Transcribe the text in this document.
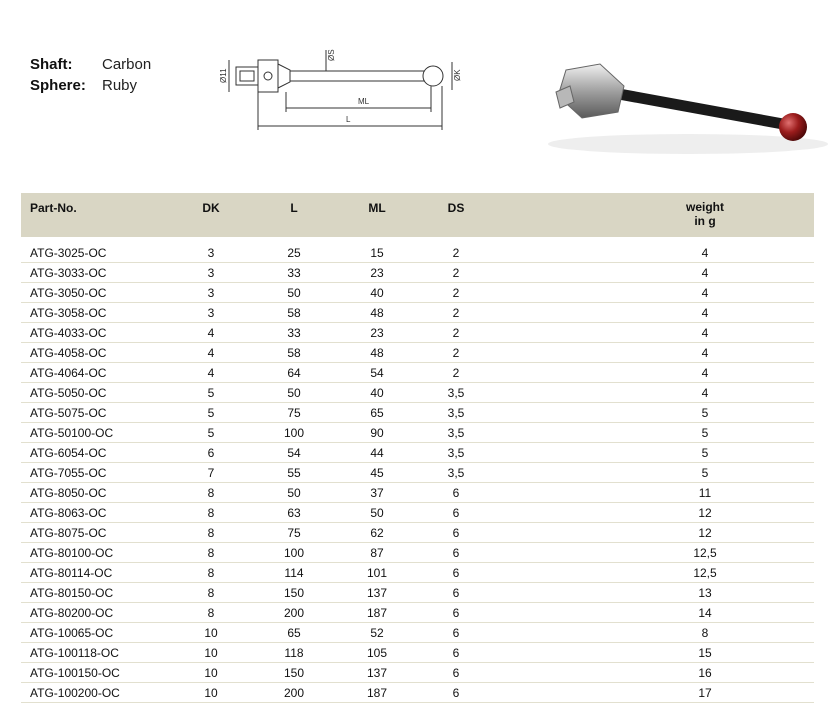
Shaft:	Carbon
Sphere:	Ruby
Ø11
ØS
ØK
ML
L
Part-No.	DK	L	ML	DS	weight
in g
ATG-3025-OC	3	25	15	2	4
ATG-3033-OC	3	33	23	2	4
ATG-3050-OC	3	50	40	2	4
ATG-3058-OC	3	58	48	2	4
ATG-4033-OC	4	33	23	2	4
ATG-4058-OC	4	58	48	2	4
ATG-4064-OC	4	64	54	2	4
ATG-5050-OC	5	50	40	3,5	4
ATG-5075-OC	5	75	65	3,5	5
ATG-50100-OC	5	100	90	3,5	5
ATG-6054-OC	6	54	44	3,5	5
ATG-7055-OC	7	55	45	3,5	5
ATG-8050-OC	8	50	37	6	11
ATG-8063-OC	8	63	50	6	12
ATG-8075-OC	8	75	62	6	12
ATG-80100-OC	8	100	87	6	12,5
ATG-80114-OC	8	114	101	6	12,5
ATG-80150-OC	8	150	137	6	13
ATG-80200-OC	8	200	187	6	14
ATG-10065-OC	10	65	52	6	8
ATG-100118-OC	10	118	105	6	15
ATG-100150-OC	10	150	137	6	16
ATG-100200-OC	10	200	187	6	17
